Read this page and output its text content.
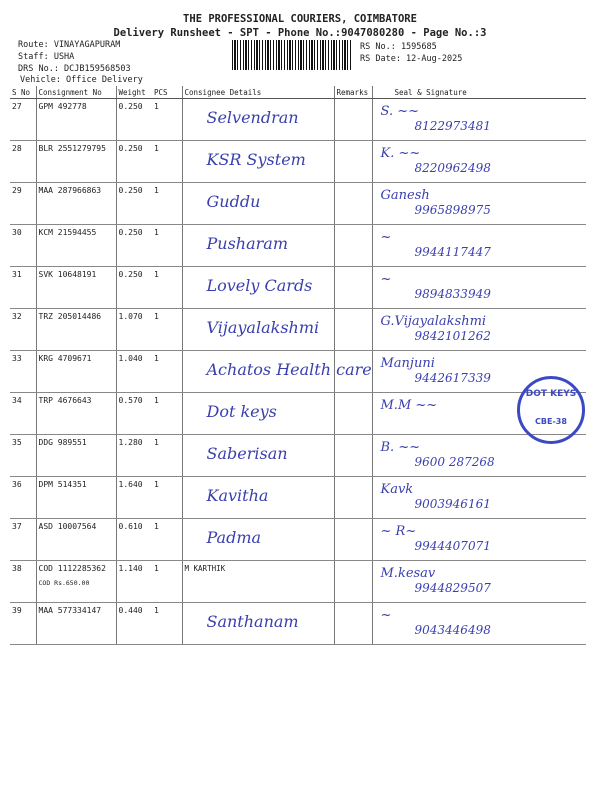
THE PROFESSIONAL COURIERS, COIMBATORE
Delivery Runsheet - SPT - Phone No.:9047080280 - Page No.:3
Route: VINAYAGAPURAM
Staff: USHA
DRS No.: DCJB159568503
Vehicle: Office Delivery
RS No.: 1595685
RS Date: 12-Aug-2025
S No	Consignment No	Weight	PCS	Consignee Details	Remarks	Seal & Signature
27	GPM 492778	0.250	1	Selvendran		S. ~~
8122973481

28	BLR 2551279795	0.250	1	KSR System		K. ~~
8220962498

29	MAA 287966863	0.250	1	Guddu		Ganesh
9965898975

30	KCM 21594455	0.250	1	Pusharam		~
9944117447

31	SVK 10648191	0.250	1	Lovely Cards		~
9894833949

32	TRZ 205014486	1.070	1	Vijayalakshmi		G.Vijayalakshmi
9842101262

33	KRG 4709671	1.040	1	Achatos Health care		Manjuni
9442617339

34	TRP 4676643	0.570	1	Dot keys		M.M ~~

35	DDG 989551	1.280	1	Saberisan		B. ~~
9600 287268

36	DPM 514351	1.640	1	Kavitha		Kavk
9003946161

37	ASD 10007564	0.610	1	Padma		~ R~
9944407071

38	COD 1112285362
COD Rs.650.00	1.140	1	M KARTHIK		M.kesav
9944829507

39	MAA 577334147	0.440	1	Santhanam		~
9043446498
DOT KEYS
CBE-38
